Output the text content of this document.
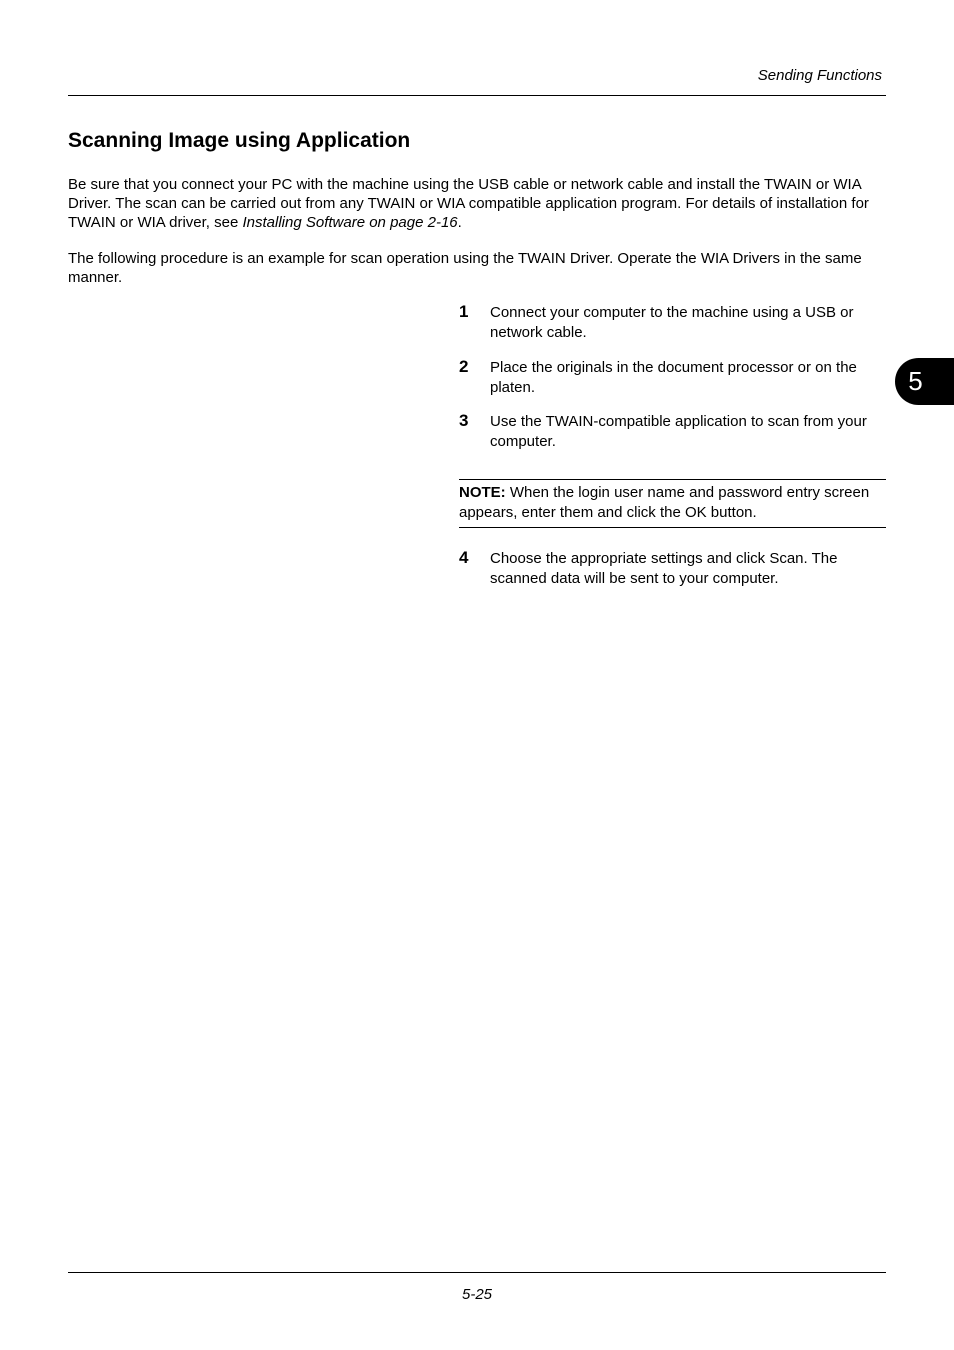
Sending Functions
Scanning Image using Application

Be sure that you connect your PC with the machine using the USB cable or network cable and install the TWAIN or WIA Driver. The scan can be carried out from any TWAIN or WIA compatible application program. For details of installation for TWAIN or WIA driver, see Installing Software on page 2-16.

The following procedure is an example for scan operation using the TWAIN Driver. Operate the WIA Drivers in the same manner.

1 Connect your computer to the machine using a USB or network cable.

2 Place the originals in the document processor or on the platen.

3 Use the TWAIN-compatible application to scan from your computer.

NOTE: When the login user name and password entry screen appears, enter them and click the OK button.

4 Choose the appropriate settings and click Scan. The scanned data will be sent to your computer.

5
5-25
